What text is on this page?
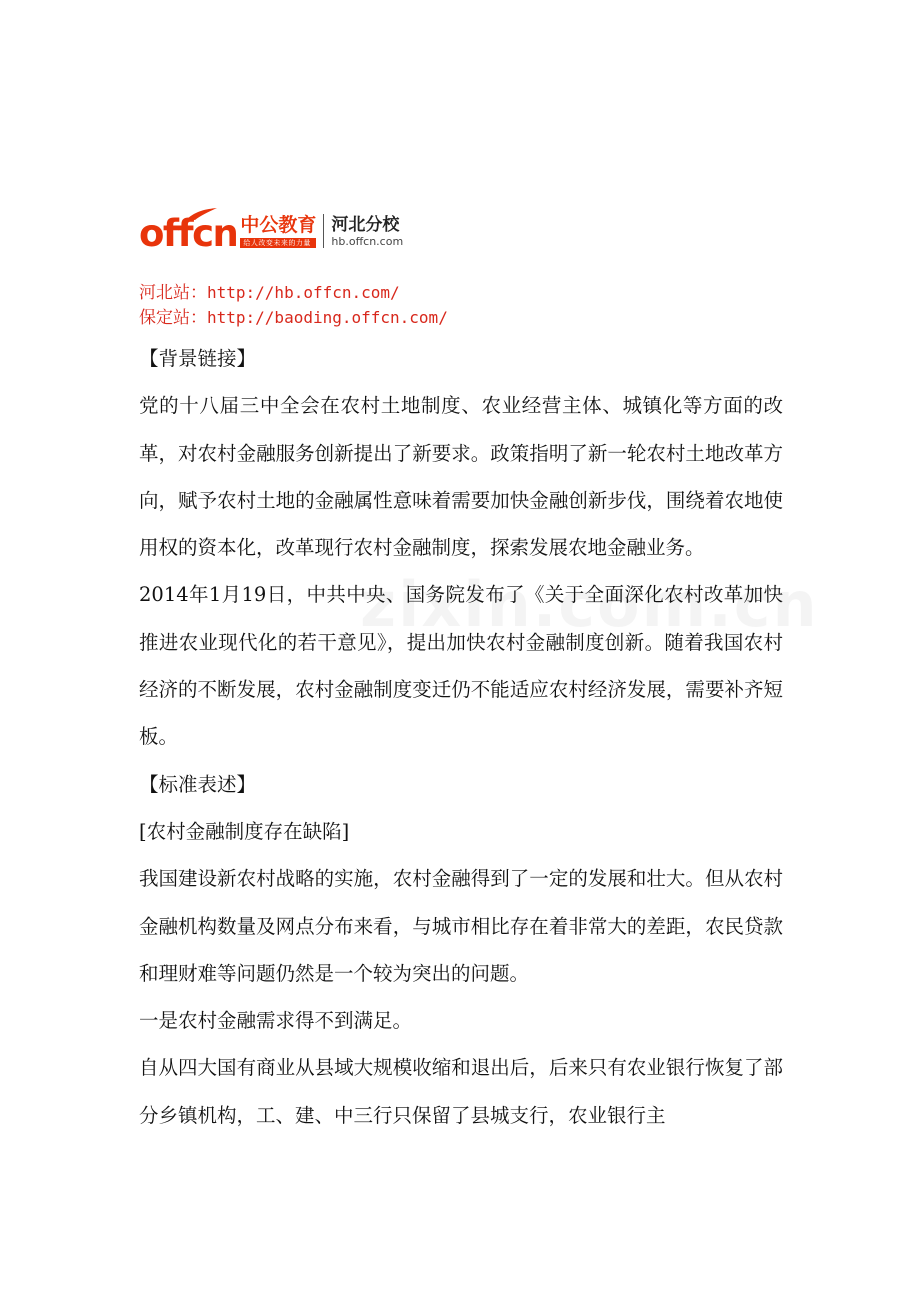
offcn 中公教育
给人改变未来的力量
河北分校
hb.offcn.com
河北站：http://hb.offcn.com/
保定站：http://baoding.offcn.com/

【背景链接】

党的十八届三中全会在农村土地制度、农业经营主体、城镇化等方面的改革，对农村金融服务创新提出了新要求。政策指明了新一轮农村土地改革方向，赋予农村土地的金融属性意味着需要加快金融创新步伐，围绕着农地使用权的资本化，改革现行农村金融制度，探索发展农地金融业务。

2014年1月19日，中共中央、国务院发布了《关于全面深化农村改革加快推进农业现代化的若干意见》，提出加快农村金融制度创新。随着我国农村经济的不断发展，农村金融制度变迁仍不能适应农村经济发展，需要补齐短板。

【标准表述】

[农村金融制度存在缺陷]

我国建设新农村战略的实施，农村金融得到了一定的发展和壮大。但从农村金融机构数量及网点分布来看，与城市相比存在着非常大的差距，农民贷款和理财难等问题仍然是一个较为突出的问题。

一是农村金融需求得不到满足。

自从四大国有商业从县域大规模收缩和退出后，后来只有农业银行恢复了部分乡镇机构，工、建、中三行只保留了县城支行，农业银行主
